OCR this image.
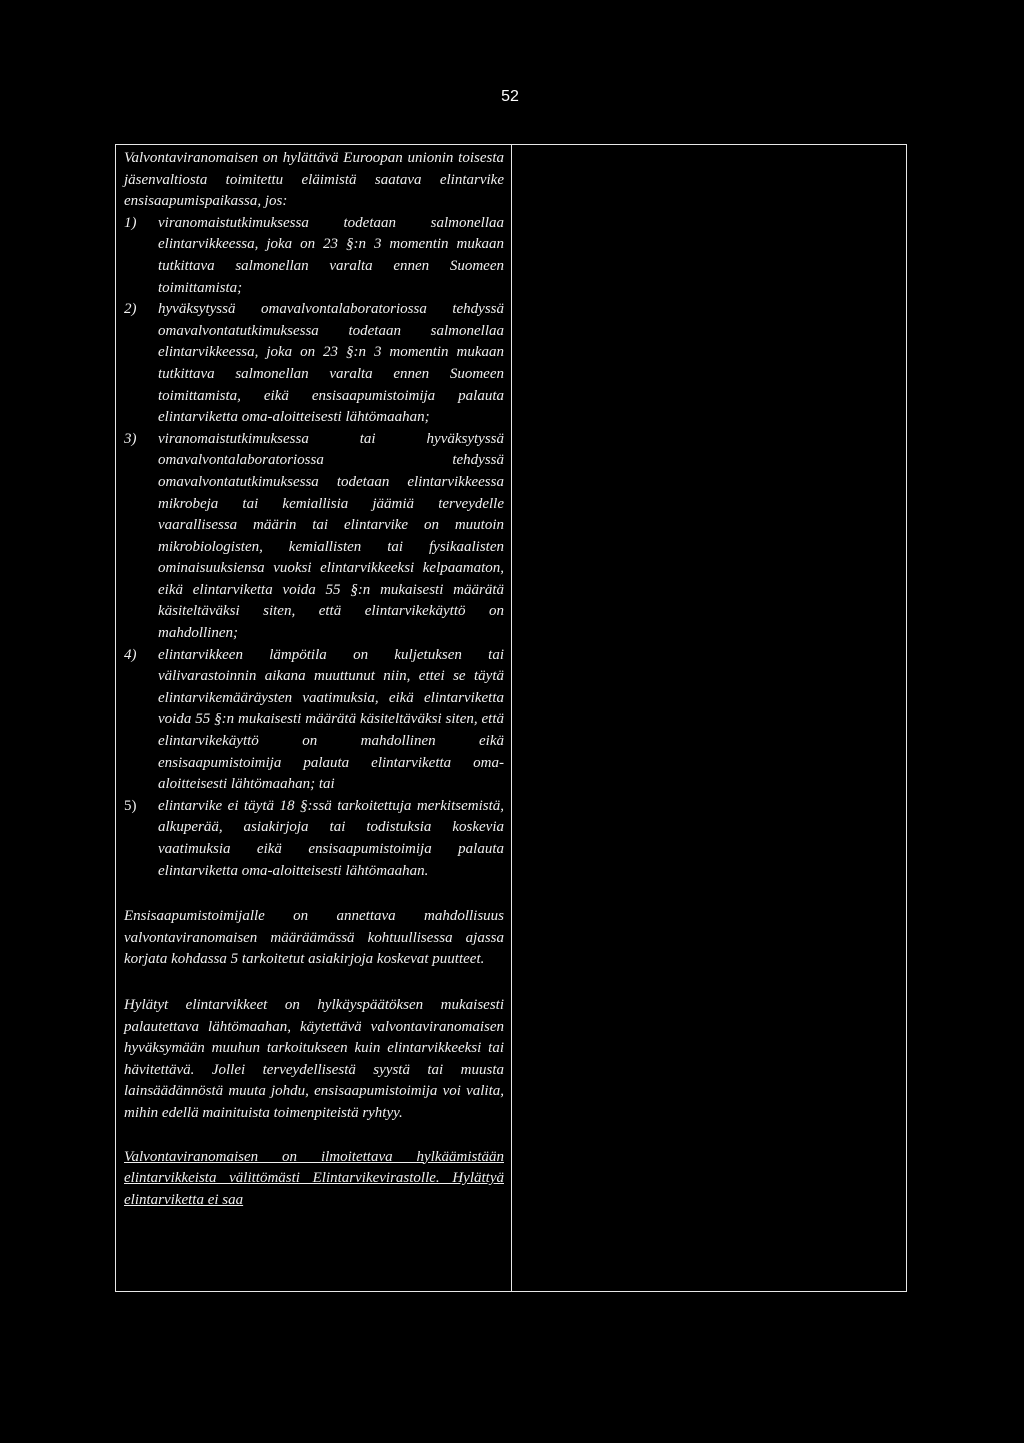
52

Valvontaviranomaisen on hylättävä Euroopan unionin toisesta jäsenvaltiosta toimitettu eläimistä saatava elintarvike ensisaapumispaikassa, jos:

1) viranomaistutkimuksessa todetaan salmonellaa elintarvikkeessa, joka on 23 §:n 3 momentin mukaan tutkittava salmonellan varalta ennen Suomeen toimittamista;
2) hyväksytyssä omavalvontalaboratoriossa tehdyssä omavalvontatutkimuksessa todetaan salmonellaa elintarvikkeessa, joka on 23 §:n 3 momentin mukaan tutkittava salmonellan varalta ennen Suomeen toimittamista, eikä ensisaapumistoimija palauta elintarviketta oma-aloitteisesti lähtömaahan;
3) viranomaistutkimuksessa tai hyväksytyssä omavalvontalaboratoriossa tehdyssä omavalvontatutkimuksessa todetaan elintarvikkeessa mikrobeja tai kemiallisia jäämiä terveydelle vaarallisessa määrin tai elintarvike on muutoin mikrobiologisten, kemiallisten tai fysikaalisten ominaisuuksiensa vuoksi elintarvikkeeksi kelpaamaton, eikä elintarviketta voida 55 §:n mukaisesti määrätä käsiteltäväksi siten, että elintarvikekäyttö on mahdollinen;
4) elintarvikkeen lämpötila on kuljetuksen tai välivarastoinnin aikana muuttunut niin, ettei se täytä elintarvikemääräysten vaatimuksia, eikä elintarviketta voida 55 §:n mukaisesti määrätä käsiteltäväksi siten, että elintarvikekäyttö on mahdollinen eikä ensisaapumistoimija palauta elintarviketta oma-aloitteisesti lähtömaahan; tai
5) elintarvike ei täytä 18 §:ssä tarkoitettuja merkitsemistä, alkuperää, asiakirjoja tai todistuksia koskevia vaatimuksia eikä ensisaapumistoimija palauta elintarviketta oma-aloitteisesti lähtömaahan.

Ensisaapumistoimijalle on annettava mahdollisuus valvontaviranomaisen määräämässä kohtuullisessa ajassa korjata kohdassa 5 tarkoitetut asiakirjoja koskevat puutteet.

Hylätyt elintarvikkeet on hylkäyspäätöksen mukaisesti palautettava lähtömaahan, käytettävä valvontaviranomaisen hyväksymään muuhun tarkoitukseen kuin elintarvikkeeksi tai hävitettävä. Jollei terveydellisestä syystä tai muusta lainsäädännöstä muuta johdu, ensisaapumistoimija voi valita, mihin edellä mainituista toimenpiteistä ryhtyy.

Valvontaviranomaisen on ilmoitettava hylkäämistään elintarvikkeista välittömästi Elintarvikevirastolle. Hylättyä elintarviketta ei saa
